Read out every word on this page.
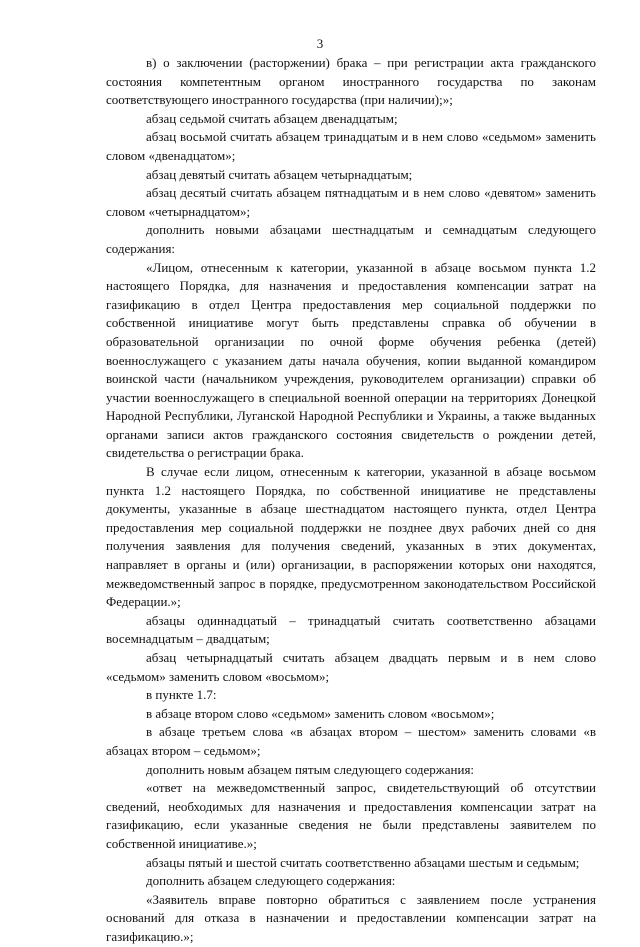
3

в) о заключении (расторжении) брака – при регистрации акта гражданского состояния компетентным органом иностранного государства по законам соответствующего иностранного государства (при наличии);»;

абзац седьмой считать абзацем двенадцатым;

абзац восьмой считать абзацем тринадцатым и в нем слово «седьмом» заменить словом «двенадцатом»;

абзац девятый считать абзацем четырнадцатым;

абзац десятый считать абзацем пятнадцатым и в нем слово «девятом» заменить словом «четырнадцатом»;

дополнить новыми абзацами шестнадцатым и семнадцатым следующего содержания:

«Лицом, отнесенным к категории, указанной в абзаце восьмом пункта 1.2 настоящего Порядка, для назначения и предоставления компенсации затрат на газификацию в отдел Центра предоставления мер социальной поддержки по собственной инициативе могут быть представлены справка об обучении в образовательной организации по очной форме обучения ребенка (детей) военнослужащего с указанием даты начала обучения, копии выданной командиром воинской части (начальником учреждения, руководителем организации) справки об участии военнослужащего в специальной военной операции на территориях Донецкой Народной Республики, Луганской Народной Республики и Украины, а также выданных органами записи актов гражданского состояния свидетельств о рождении детей, свидетельства о регистрации брака.

В случае если лицом, отнесенным к категории, указанной в абзаце восьмом пункта 1.2 настоящего Порядка, по собственной инициативе не представлены документы, указанные в абзаце шестнадцатом настоящего пункта, отдел Центра предоставления мер социальной поддержки не позднее двух рабочих дней со дня получения заявления для получения сведений, указанных в этих документах, направляет в органы и (или) организации, в распоряжении которых они находятся, межведомственный запрос в порядке, предусмотренном законодательством Российской Федерации.»;

абзацы одиннадцатый – тринадцатый считать соответственно абзацами восемнадцатым – двадцатым;

абзац четырнадцатый считать абзацем двадцать первым и в нем слово «седьмом» заменить словом «восьмом»;

в пункте 1.7:

в абзаце втором слово «седьмом» заменить словом «восьмом»;

в абзаце третьем слова «в абзацах втором – шестом» заменить словами «в абзацах втором – седьмом»;

дополнить новым абзацем пятым следующего содержания:

«ответ на межведомственный запрос, свидетельствующий об отсутствии сведений, необходимых для назначения и предоставления компенсации затрат на газификацию, если указанные сведения не были представлены заявителем по собственной инициативе.»;

абзацы пятый и шестой считать соответственно абзацами шестым и седьмым;

дополнить абзацем следующего содержания:

«Заявитель вправе повторно обратиться с заявлением после устранения оснований для отказа в назначении и предоставлении компенсации затрат на газификацию.»;
